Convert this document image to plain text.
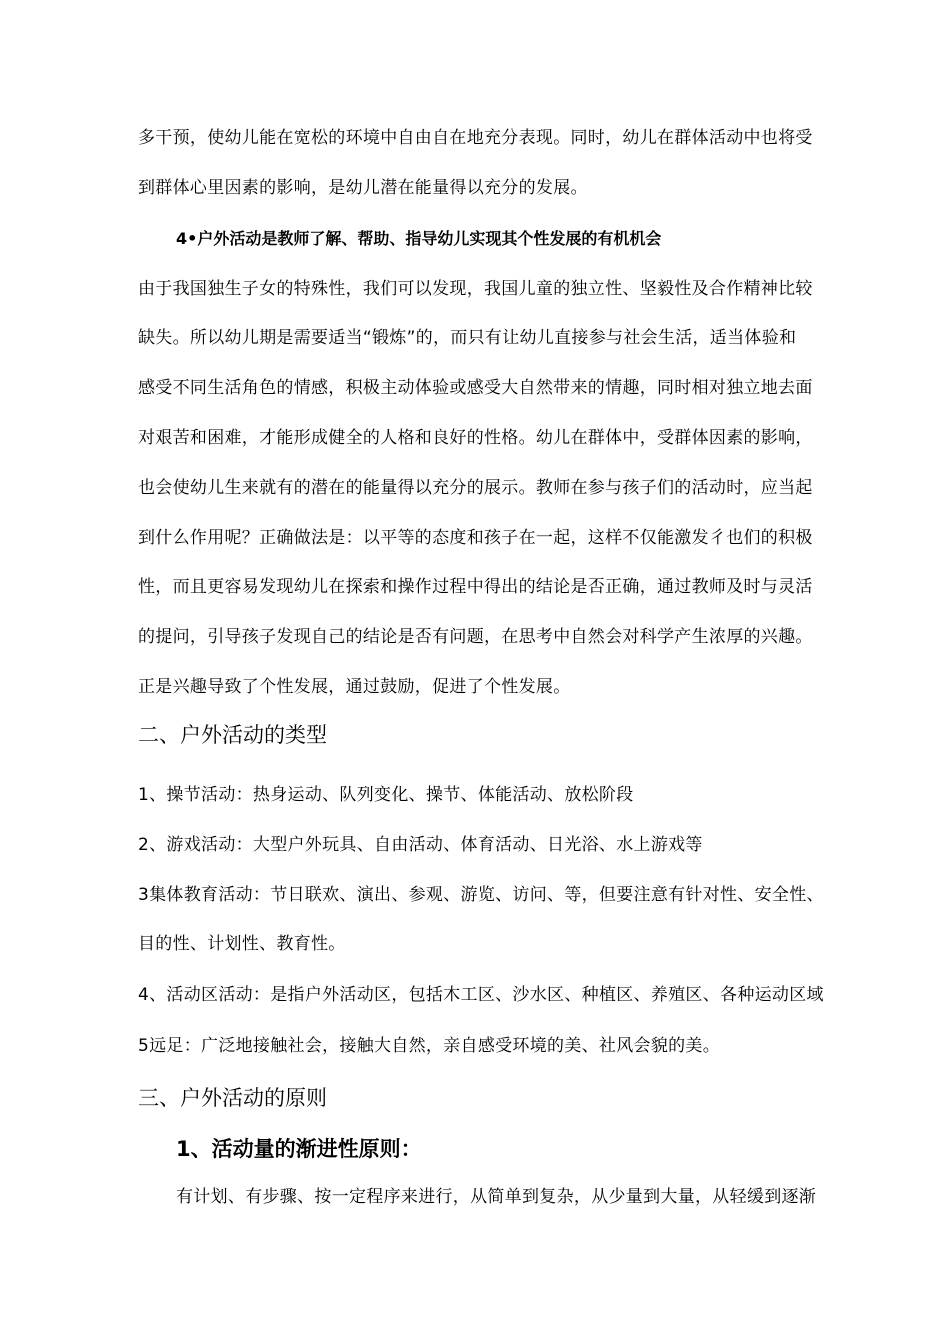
多干预，使幼儿能在宽松的环境中自由自在地充分表现。同时，幼儿在群体活动中也将受
到群体心里因素的影响，是幼儿潜在能量得以充分的发展。
4•户外活动是教师了解、帮助、指导幼儿实现其个性发展的有机机会
由于我国独生子女的特殊性，我们可以发现，我国儿童的独立性、坚毅性及合作精神比较
缺失。所以幼儿期是需要适当“锻炼”的，而只有让幼儿直接参与社会生活，适当体验和
感受不同生活角色的情感，积极主动体验或感受大自然带来的情趣，同时相对独立地去面
对艰苦和困难，才能形成健全的人格和良好的性格。幼儿在群体中，受群体因素的影响，
也会使幼儿生来就有的潜在的能量得以充分的展示。教师在参与孩子们的活动时，应当起
到什么作用呢？正确做法是：以平等的态度和孩子在一起，这样不仅能激发彳也们的积极
性，而且更容易发现幼儿在探索和操作过程中得出的结论是否正确，通过教师及时与灵活
的提问，引导孩子发现自己的结论是否有问题，在思考中自然会对科学产生浓厚的兴趣。
正是兴趣导致了个性发展，通过鼓励，促进了个性发展。
二、户外活动的类型
1、操节活动：热身运动、队列变化、操节、体能活动、放松阶段
2、游戏活动：大型户外玩具、自由活动、体育活动、日光浴、水上游戏等
3集体教育活动：节日联欢、演出、参观、游览、访问、等，但要注意有针对性、安全性、
目的性、计划性、教育性。
4、活动区活动：是指户外活动区，包括木工区、沙水区、种植区、养殖区、各种运动区域
5远足：广泛地接触社会，接触大自然，亲自感受环境的美、社风会貌的美。
三、户外活动的原则
1、活动量的渐进性原则：
有计划、有步骤、按一定程序来进行，从简单到复杂，从少量到大量，从轻缓到逐渐
